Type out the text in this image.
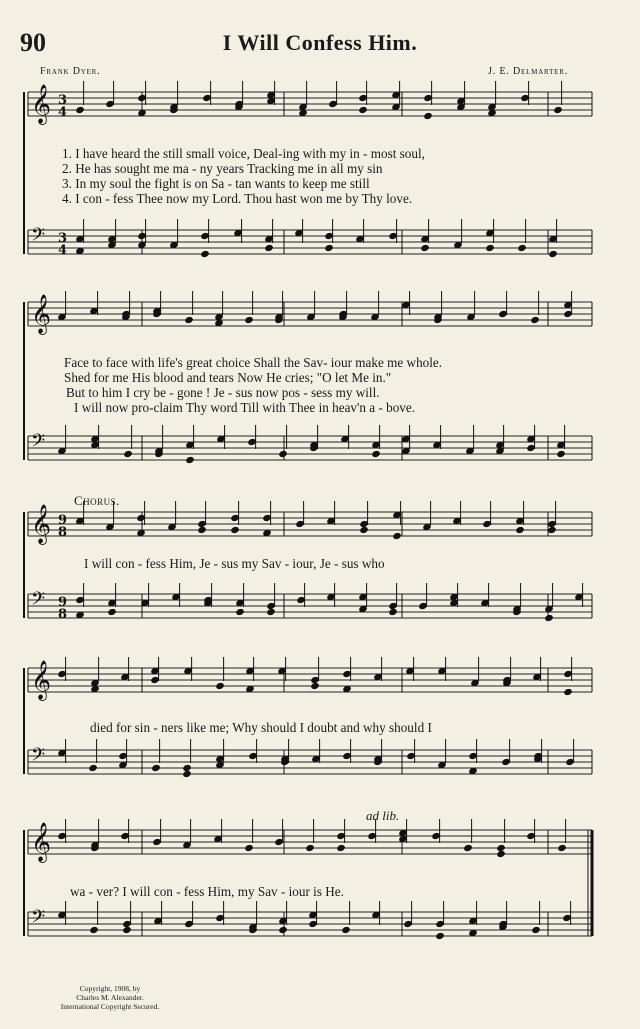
90	I Will Confess Him.
Frank Dyer.	J. E. Delmarter.
𝄞 3
4
𝄢 3
4
𝄞
𝄢
𝄞 9
8
𝄢 9
8
𝄞
𝄢
𝄞
𝄢
1. I have heard the still small voice, Deal-ing with my in - most soul,
2. He has sought me ma - ny years Tracking me in all my sin
3. In my soul the fight is on Sa - tan wants to keep me still
4. I con - fess Thee now my Lord. Thou hast won me by Thy love.
Face to face with life's great choice Shall the Sav- iour make me whole.
Shed for me His blood and tears Now He cries; "O let Me in."
But to him I cry be - gone ! Je - sus now pos - sess my will.
I will now pro-claim Thy word Till with Thee in heav'n a - bove.
Chorus.
I will con - fess Him, Je - sus my Sav - iour, Je - sus who
died for sin - ners like me; Why should I doubt and why should I
wa - ver? I will con - fess Him, my Sav - iour is He.
ad lib.
Copyright, 1908, by
Charles M. Alexander.
International Copyright Secured.
